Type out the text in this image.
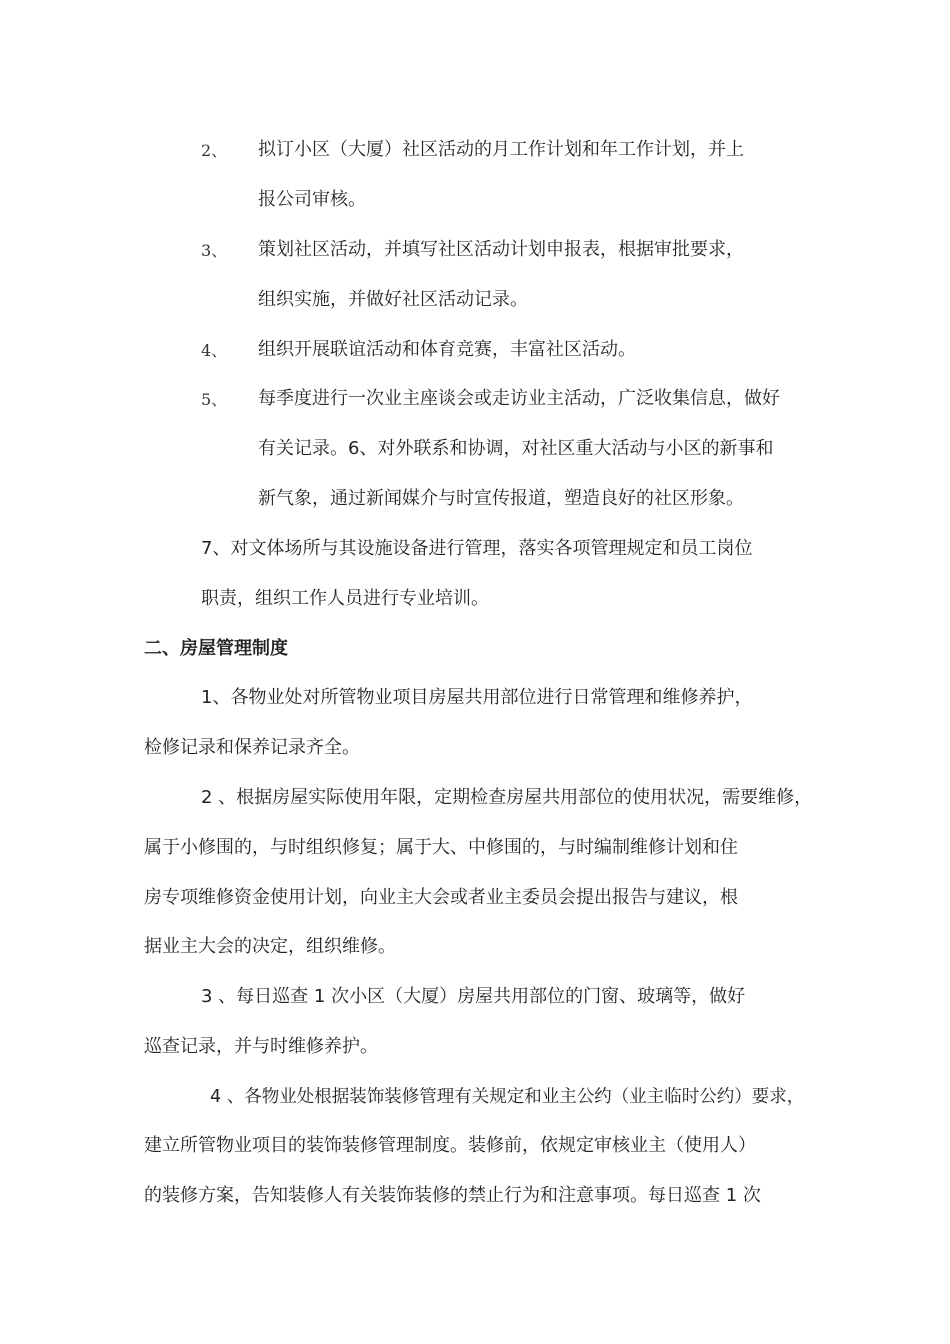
2、 拟订小区（大厦）社区活动的月工作计划和年工作计划，并上
报公司审核。
3、 策划社区活动，并填写社区活动计划申报表，根据审批要求，
组织实施，并做好社区活动记录。
4、 组织开展联谊活动和体育竞赛，丰富社区活动。
5、 每季度进行一次业主座谈会或走访业主活动，广泛收集信息，做好
有关记录。6、对外联系和协调，对社区重大活动与小区的新事和
新气象，通过新闻媒介与时宣传报道，塑造良好的社区形象。
7、对文体场所与其设施设备进行管理，落实各项管理规定和员工岗位
职责，组织工作人员进行专业培训。
二、房屋管理制度
1、各物业处对所管物业项目房屋共用部位进行日常管理和维修养护，
检修记录和保养记录齐全。
2 、根据房屋实际使用年限，定期检查房屋共用部位的使用状况，需要维修，
属于小修围的，与时组织修复；属于大、中修围的，与时编制维修计划和住
房专项维修资金使用计划，向业主大会或者业主委员会提出报告与建议，根
据业主大会的决定，组织维修。
3 、每日巡查 1 次小区（大厦）房屋共用部位的门窗、玻璃等，做好
巡查记录，并与时维修养护。
4 、各物业处根据装饰装修管理有关规定和业主公约（业主临时公约）要求，
建立所管物业项目的装饰装修管理制度。装修前，依规定审核业主（使用人）
的装修方案，告知装修人有关装饰装修的禁止行为和注意事项。每日巡查 1 次
